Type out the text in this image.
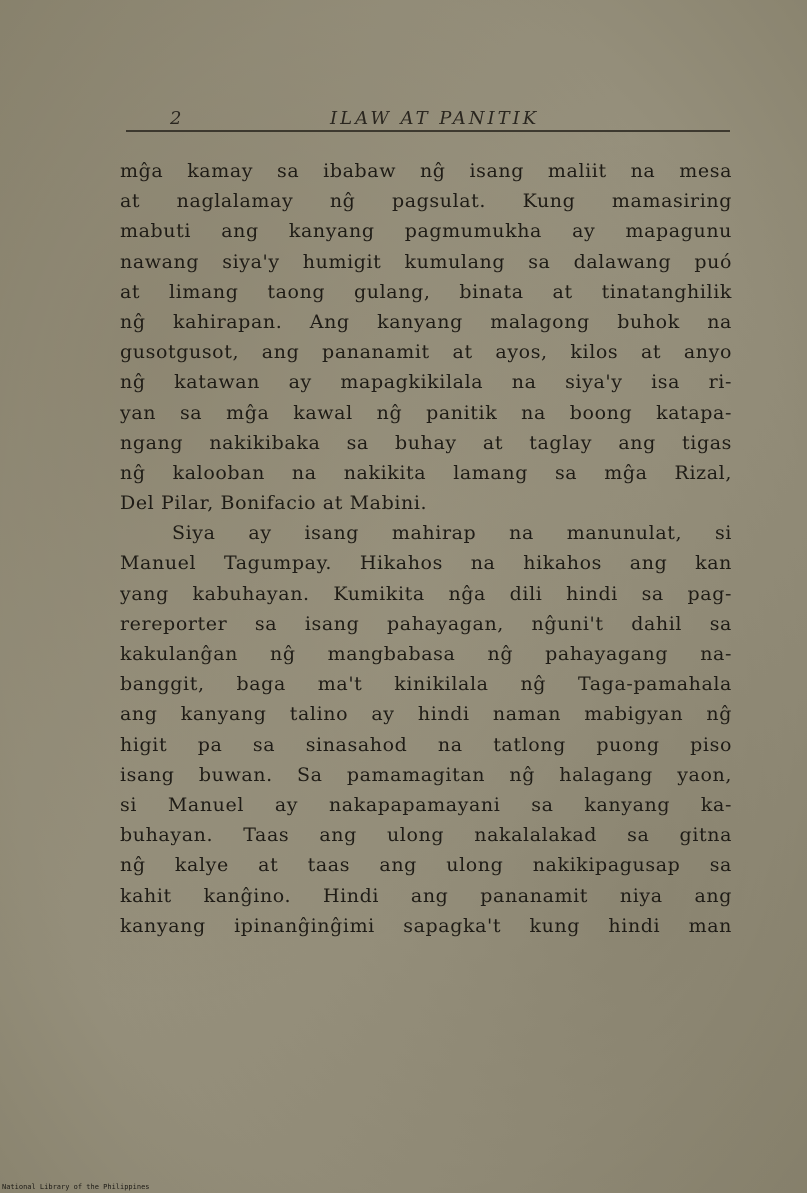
2	ILAW AT PANITIK
mĝa kamay sa ibabaw nĝ isang maliit na mesa
at naglalamay nĝ pagsulat. Kung mamasiring
mabuti ang kanyang pagmumukha ay mapagunu
nawang siya'y humigit kumulang sa dalawang puó
at limang taong gulang, binata at tinatanghilik
nĝ kahirapan. Ang kanyang malagong buhok na
gusotgusot, ang pananamit at ayos, kilos at anyo
nĝ katawan ay mapagkikilala na siya'y isa ri-
yan sa mĝa kawal nĝ panitik na boong katapa-
ngang nakikibaka sa buhay at taglay ang tigas
nĝ kalooban na nakikita lamang sa mĝa Rizal,
Del Pilar, Bonifacio at Mabini.
Siya ay isang mahirap na manunulat, si
Manuel Tagumpay. Hikahos na hikahos ang kan
yang kabuhayan. Kumikita nĝa dili hindi sa pag-
rereporter sa isang pahayagan, nĝuni't dahil sa
kakulanĝan nĝ mangbabasa nĝ pahayagang na-
banggit, baga ma't kinikilala nĝ Taga-pamahala
ang kanyang talino ay hindi naman mabigyan nĝ
higit pa sa sinasahod na tatlong puong piso
isang buwan. Sa pamamagitan nĝ halagang yaon,
si Manuel ay nakapapamayani sa kanyang ka-
buhayan. Taas ang ulong nakalalakad sa gitna
nĝ kalye at taas ang ulong nakikipagusap sa
kahit kanĝino. Hindi ang pananamit niya ang
kanyang ipinanĝinĝimi sapagka't kung hindi man
National Library of the Philippines
